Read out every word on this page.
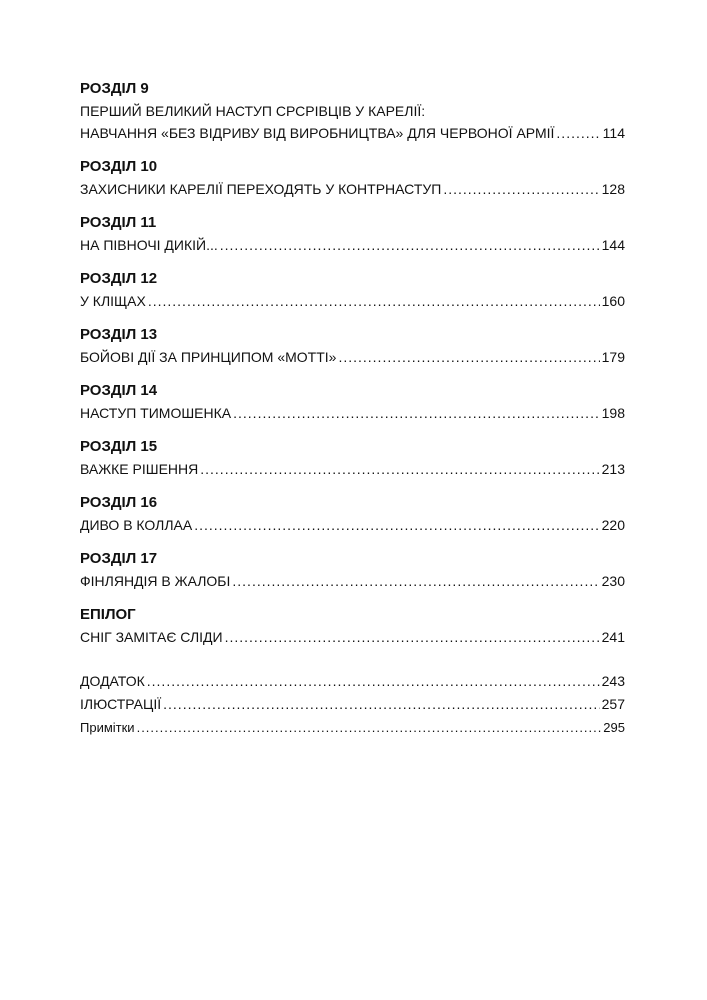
РОЗДІЛ 9
ПЕРШИЙ ВЕЛИКИЙ НАСТУП СРСРІВЦІВ У КАРЕЛІЇ:
НАВЧАННЯ «БЕЗ ВІДРИВУ ВІД ВИРОБНИЦТВА» ДЛЯ ЧЕРВОНОЇ АРМІЇ .....	114
РОЗДІЛ 10
ЗАХИСНИКИ КАРЕЛІЇ ПЕРЕХОДЯТЬ У КОНТРНАСТУП .....	128
РОЗДІЛ 11
НА ПІВНОЧІ ДИКІЙ... .....	144
РОЗДІЛ 12
У КЛІЩАХ .....	160
РОЗДІЛ 13
БОЙОВІ ДІЇ ЗА ПРИНЦИПОМ «МОТТІ» .....	179
РОЗДІЛ 14
НАСТУП ТИМОШЕНКА .....	198
РОЗДІЛ 15
ВАЖКЕ РІШЕННЯ .....	213
РОЗДІЛ 16
ДИВО В КОЛЛАА .....	220
РОЗДІЛ 17
ФІНЛЯНДІЯ В ЖАЛОБІ .....	230
ЕПІЛОГ
СНІГ ЗАМІТАЄ СЛІДИ .....	241
ДОДАТОК .....	243
ІЛЮСТРАЦІЇ .....	257
Примітки .....	295
